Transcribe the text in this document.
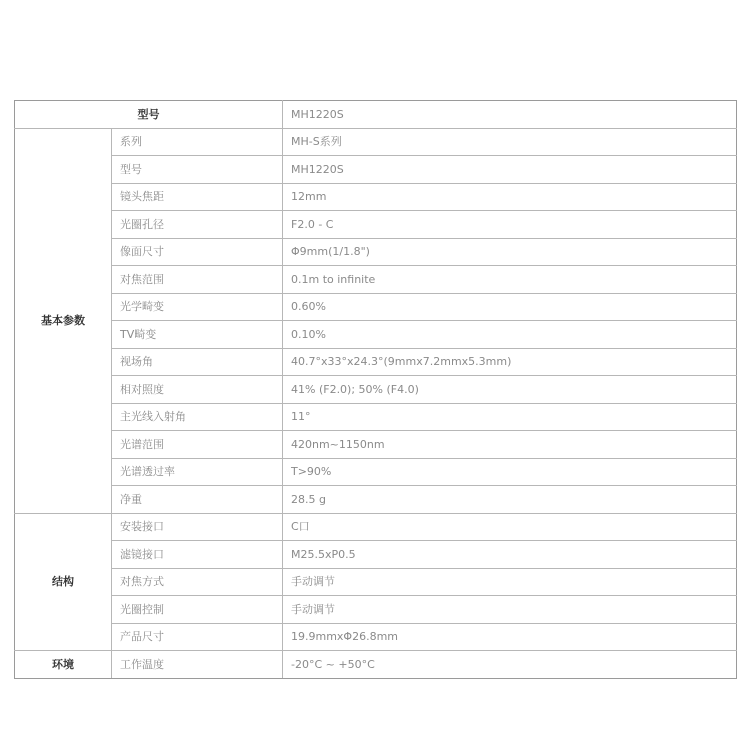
型号		MH1220S
基本参数	系列	MH-S系列
	型号	MH1220S
	镜头焦距	12mm
	光圈孔径	F2.0 - C
	像面尺寸	Φ9mm(1/1.8")
	对焦范围	0.1m to infinite
	光学畸变	0.60%
	TV畸变	0.10%
	视场角	40.7°x33°x24.3°(9mmx7.2mmx5.3mm)
	相对照度	41% (F2.0); 50% (F4.0)
	主光线入射角	11°
	光谱范围	420nm~1150nm
	光谱透过率	T>90%
	净重	28.5 g
结构	安装接口	C口
	滤镜接口	M25.5xP0.5
	对焦方式	手动调节
	光圈控制	手动调节
	产品尺寸	19.9mmxΦ26.8mm
环境	工作温度	-20°C ~ +50°C
